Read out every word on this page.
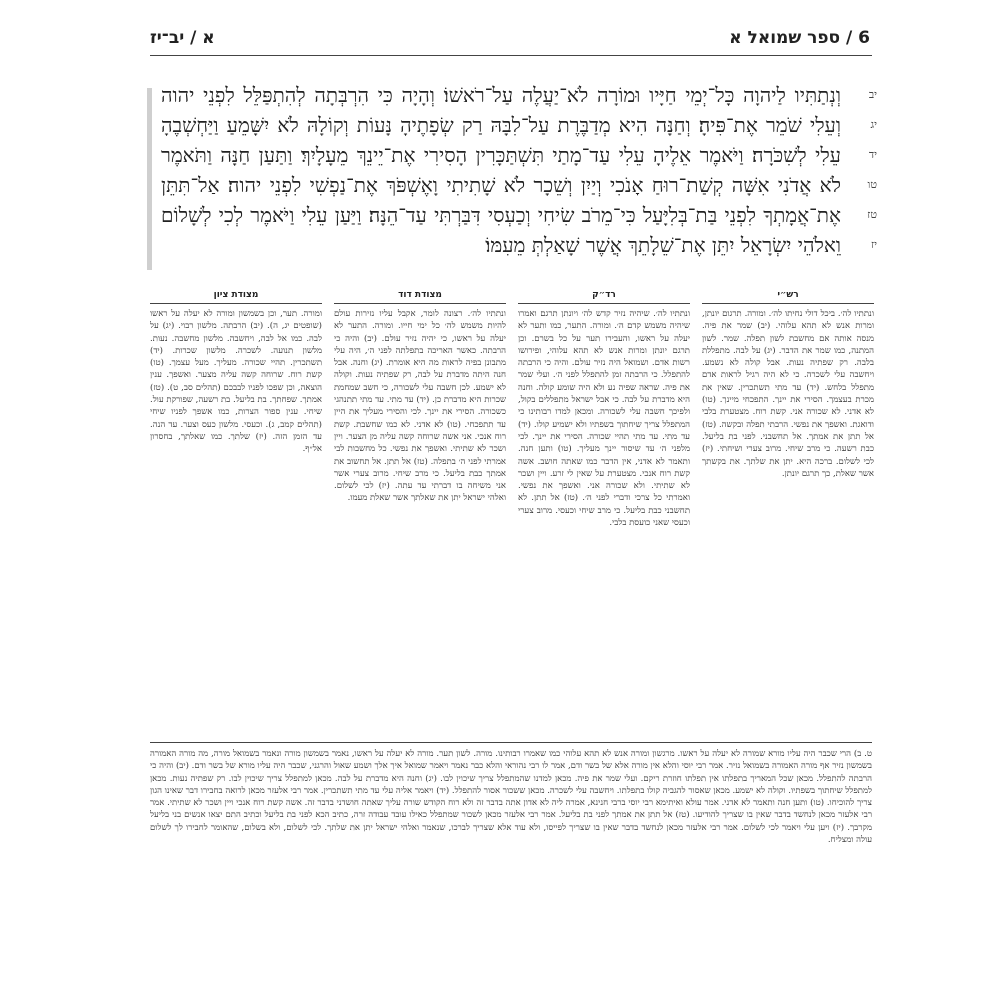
6 / ספר שמואל א
א / יב־יז
יב
יג
יד
טו
טז
יז
וְנְתַתִּיו לַיהוָה כָּל־יְמֵי חַיָּיו וּמוֹרָה לֹא־יַעֲלֶה עַל־רֹאשׁוֹ׃ וְהָיָה כִּי הִרְבְּתָה לְהִתְפַּלֵּל לִפְנֵי יהוה וְעֵלִי שֹׁמֵר אֶת־פִּיהָ׃ וְחַנָּה הִיא מְדַבֶּרֶת עַל־לִבָּהּ רַק שְׂפָתֶיהָ נָּעוֹת וְקוֹלָהּ לֹא יִשָּׁמֵעַ וַיַּחְשְׁבֶהָ עֵלִי לְשִׁכֹּרָה׃ וַיֹּאמֶר אֵלֶיהָ עֵלִי עַד־מָתַי תִּשְׁתַּכָּרִין הָסִירִי אֶת־יֵינֵךְ מֵעָלָיִךְ׃ וַתַּעַן חַנָּה וַתֹּאמֶר לֹא אֲדֹנִי אִשָּׁה קְשַׁת־רוּחַ אָנֹכִי וְיַיִן וְשֵׁכָר לֹא שָׁתִיתִי וָאֶשְׁפֹּךְ אֶת־נַפְשִׁי לִפְנֵי יהוה׃ אַל־תִּתֵּן אֶת־אֲמָתְךָ לִפְנֵי בַּת־בְּלִיָּעַל כִּי־מֵרֹב שִׂיחִי וְכַעְסִי דִּבַּרְתִּי עַד־הֵנָּה׃ וַיַּעַן עֵלִי וַיֹּאמֶר לְכִי לְשָׁלוֹם וֵאלֹהֵי יִשְׂרָאֵל יִתֵּן אֶת־שֵׁלָתֵךְ אֲשֶׁר שָׁאַלְתְּ מֵעִמּוֹ׃
רש״י
ונתתיו לה׳. ביכל דולי נחיתו לה׳. ומורה. תרגום יונתן, ומרות אנש לא תהא עלוהי. (יב) שמר את פיה. מנסה אותה אם מחשבת לשון תפלה. שמר. לשון המתנה, כמו שמר את הדבר. (יג) על לבה. מתפללת בלבה. רק שפתיה נעות. אבל קולה לא נשמע. ויחשבה עלי לשכרה. כי לא היה רגיל לראות אדם מתפלל בלחש. (יד) עד מתי תשתכרין. שאין את מכרת בעצמך. הסירי את יינך. התפכחי מיינך. (טו) לא אדני. לא שכורה אני. קשת רוח. מצטערת בלבי ודואגת. ואשפך את נפשי. הרבתי תפלה ובקשה. (טז) אל תתן את אמתך. אל תחשבני. לפני בת בליעל. כבת רשעה. כי מרב שיחי. מרוב צערי ושיחתי. (יז) לכי לשלום. ברכה היא. יתן את שלתך. את בקשתך אשר שאלת, כך תרגם יונתן.
רד״ק
ונתתיו לה׳. שיהיה נזיר קדש לה׳ ויונתן תרגם ואמרו שיהיה משמש קדם ה׳. ומורה. התער, כמו ותער לא יעלה על ראשו, והעבירו תער על כל בשרם. וכן תרגם יונתן ומרות אנש לא תהא עלוהי, ופירושו רשות אדם. ושמואל היה נזיר עולם. והיה כי הרבתה להתפלל. כי הרבתה זמן להתפלל לפני ה׳. ועלי שמר את פיה. שראה שפיה נע ולא היה שומע קולה. וחנה היא מדברת על לבה. כי אבל ישראל מתפללים בקול, ולפיכך חשבה עלי לשכורה. ומכאן למדו רבותינו כי המתפלל צריך שיחתוך בשפתיו ולא ישמיע קולו. (יד) עד מתי. עד מתי תהיי שכורה. הסירי את יינך. לכי מלפני ה׳ עד שיסור יינך מעליך. (טו) ותען חנה. ותאמר לא אדני, אין הדבר כמו שאתה חושב. אשה קשת רוח אנכי. מצטערת על שאין לי זרע. ויין ושכר לא שתיתי. ולא שכורה אני. ואשפך את נפשי. ואמרתי כל צרכי ודברי לפני ה׳. (טז) אל תתן. לא תחשבני כבת בליעל. כי מרב שיחי וכעסי. מרוב צערי וכעסי שאני כועסת בלבי.
מצודת דוד
ונתתיו לה׳. רצונה לומר, אקבל עליו נזירות עולם להיות משמש לה׳ כל ימי חייו. ומורה. התער לא יעלה על ראשו, כי יהיה נזיר עולם. (יב) והיה כי הרבתה. כאשר האריכה בתפלתה לפני ה׳, היה עלי מתבונן בפיה לראות מה היא אומרת. (יג) וחנה. אבל חנה היתה מדברת על לבה, רק שפתיה נעות. וקולה לא ישמע. לכן חשבה עלי לשכורה, כי חשב שמחמת שכרות היא מדברת כן. (יד) עד מתי. עד מתי תתנהגי כשכורה. הסירי את יינך. לכי והסירי מעליך את היין עד תתפכחי. (טו) לא אדני. לא כמו שחשבת. קשת רוח אנכי. אני אשה שרוחה קשה עליה מן הצער. ויין ושכר לא שתיתי. ואשפך את נפשי. כל מחשבות לבי אמרתי לפני ה׳ בתפלה. (טז) אל תתן. אל תחשוב את אמתך כבת בליעל. כי מרב שיחי. מרוב צערי אשר אני משיחה בו דברתי עד עתה. (יז) לכי לשלום. ואלהי ישראל יתן את שאלתך אשר שאלת מעמו.
מצודת ציון
ומורה. תער, וכן בשמשון ומורה לא יעלה על ראשו (שופטים יג, ה). (יב) הרבתה. מלשון רבוי. (יג) על לבה. כמו אל לבה, ויחשבה. מלשון מחשבה. נעות. מלשון תנועה. לשכרה. מלשון שכרות. (יד) תשתכרין. תהיי שכורה. מעליך. מעל עצמך. (טו) קשת רוח. שרוחה קשה עליה מצער. ואשפך. ענין הוצאה, וכן שפכו לפניו לבבכם (תהלים סב, ט). (טז) אמתך. שפחתך. בת בליעל. בת רשעה, שפורקת עול. שיחי. ענין ספור הצרות, כמו אשפך לפניו שיחי (תהלים קמב, ג). וכעסי. מלשון כעס וצער. עד הנה. עד הזמן הזה. (יז) שלתך. כמו שאלתך, בחסרון אל״ף.
ט. ב) הרי שכבר היה עליו מורא שמורה לא יעלה על ראשו. מרגשון ומורה אנש לא תהא עלוהי כמו שאמרו רבותינו. מורה. לשון תער. מורה לא יעלה על ראשו, נאמר בשמשון מורה ונאמר בשמואל מורה, מה מורה האמורה בשמשון נזיר אף מורה האמורה בשמואל נזיר. אמר רבי יוסי והלא אין מורה אלא של בשר ודם, אמר לו רבי נהוראי והלא כבר נאמר ויאמר שמואל איך אלך ושמע שאול והרגני, שכבר היה עליו מורא של בשר ודם. (יב) והיה כי הרבתה להתפלל. מכאן שכל המאריך בתפלתו אין תפלתו חוזרת ריקם. ועלי שמר את פיה. מכאן למדנו שהמתפלל צריך שיכוין לבו. (יג) וחנה היא מדברת על לבה. מכאן למתפלל צריך שיכוין לבו. רק שפתיה נעות. מכאן למתפלל שיחתוך בשפתיו. וקולה לא ישמע. מכאן שאסור להגביה קולו בתפלתו. ויחשבה עלי לשכרה. מכאן ששכור אסור להתפלל. (יד) ויאמר אליה עלי עד מתי תשתכרין. אמר רבי אלעזר מכאן לרואה בחבירו דבר שאינו הגון צריך להוכיחו. (טו) ותען חנה ותאמר לא אדני. אמר עולא ואיתימא רבי יוסי ברבי חנינא, אמרה ליה לא אדון אתה בדבר זה ולא רוח הקודש שורה עליך שאתה חושדני בדבר זה. אשה קשת רוח אנכי ויין ושכר לא שתיתי. אמר רבי אלעזר מכאן לנחשד בדבר שאין בו שצריך להודיעו. (טז) אל תתן את אמתך לפני בת בליעל. אמר רבי אלעזר מכאן לשכור שמתפלל כאילו עובד עבודה זרה, כתיב הכא לפני בת בליעל וכתיב התם יצאו אנשים בני בליעל מקרבך. (יז) ויען עלי ויאמר לכי לשלום. אמר רבי אלעזר מכאן לנחשד בדבר שאין בו שצריך לפייסו, ולא עוד אלא שצריך לברכו, שנאמר ואלהי ישראל יתן את שלתך. לכי לשלום, ולא בשלום, שהאומר לחבירו לך לשלום עולה ומצליח.
